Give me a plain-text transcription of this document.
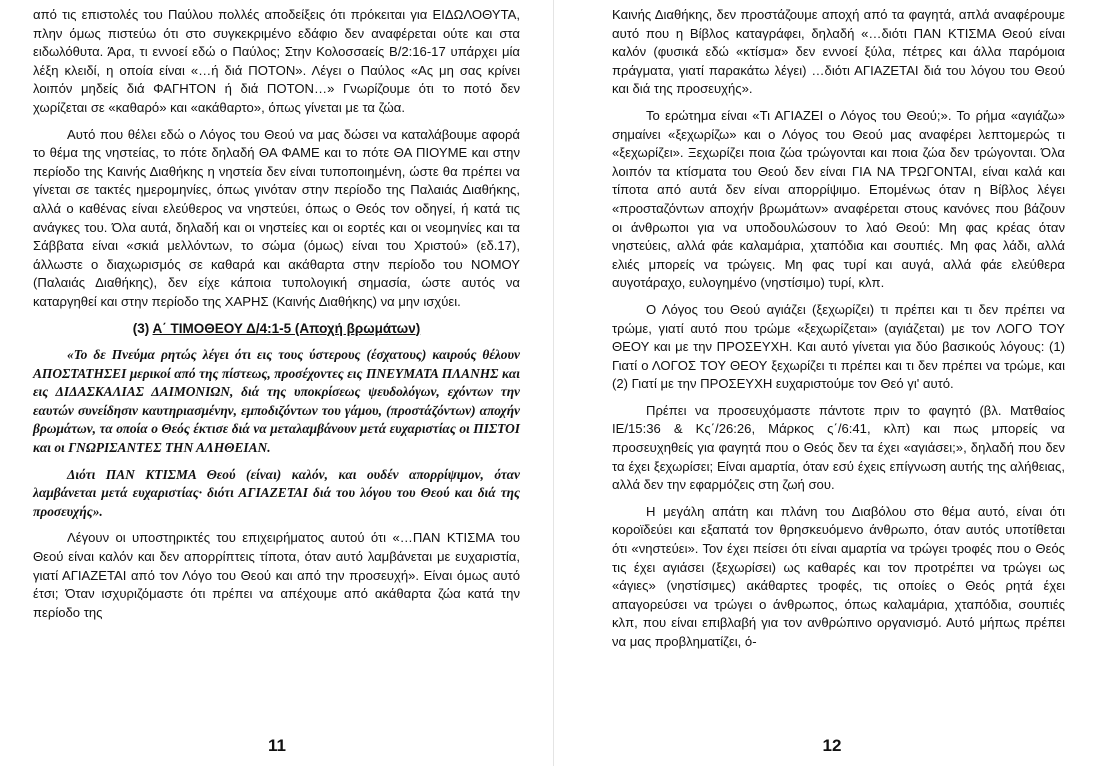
από τις επιστολές του Παύλου πολλές αποδείξεις ότι πρόκειται για ΕΙΔΩΛΟΘΥΤΑ, πλην όμως πιστεύω ότι στο συγκεκριμένο εδάφιο δεν αναφέρεται ούτε και στα ειδωλόθυτα. Άρα, τι εννοεί εδώ ο Παύλος; Στην Κολοσσαείς Β/2:16-17 υπάρχει μία λέξη κλειδί, η οποία είναι «…ή διά ΠΟΤΟΝ». Λέγει ο Παύλος «Ας μη σας κρίνει λοιπόν μηδείς διά ΦΑΓΗΤΟΝ ή διά ΠΟΤΟΝ…» Γνωρίζουμε ότι το ποτό δεν χωρίζεται σε «καθαρό» και «ακάθαρτο», όπως γίνεται με τα ζώα.

Αυτό που θέλει εδώ ο Λόγος του Θεού να μας δώσει να καταλάβουμε αφορά το θέμα της νηστείας, το πότε δηλαδή ΘΑ ΦΑΜΕ και το πότε ΘΑ ΠΙΟΥΜΕ και στην περίοδο της Καινής Διαθήκης η νηστεία δεν είναι τυποποιημένη, ώστε θα πρέπει να γίνεται σε τακτές ημερομηνίες, όπως γινόταν στην περίοδο της Παλαιάς Διαθήκης, αλλά ο καθένας είναι ελεύθερος να νηστεύει, όπως ο Θεός τον οδηγεί, ή κατά τις ανάγκες του. Όλα αυτά, δηλαδή και οι νηστείες και οι εορτές και οι νεομηνίες και τα Σάββατα είναι «σκιά μελλόντων, το σώμα (όμως) είναι του Χριστού» (εδ.17), άλλωστε ο διαχωρισμός σε καθαρά και ακάθαρτα στην περίοδο του ΝΟΜΟΥ (Παλαιάς Διαθήκης), δεν είχε κάποια τυπολογική σημασία, ώστε αυτός να καταργηθεί και στην περίοδο της ΧΑΡΗΣ (Καινής Διαθήκης) να μην ισχύει.

(3) Α΄ ΤΙΜΟΘΕΟΥ Δ/4:1-5 (Αποχή βρωμάτων)

«Το δε Πνεύμα ρητώς λέγει ότι εις τους ύστερους (έσχατους) καιρούς θέλουν ΑΠΟΣΤΑΤΗΣΕΙ μερικοί από της πίστεως, προσέχοντες εις ΠΝΕΥΜΑΤΑ ΠΛΑΝΗΣ και εις ΔΙΔΑΣΚΑΛΙΑΣ ΔΑΙΜΟΝΙΩΝ, διά της υποκρίσεως ψευδολόγων, εχόντων την εαυτών συνείδησιν καυτηριασμένην, εμποδιζόντων του γάμου, (προστάζόντων) αποχήν βρωμάτων, τα οποία ο Θεός έκτισε διά να μεταλαμβάνουν μετά ευχαριστίας οι ΠΙΣΤΟΙ και οι ΓΝΩΡΙΣΑΝΤΕΣ ΤΗΝ ΑΛΗΘΕΙΑΝ.

Διότι ΠΑΝ ΚΤΙΣΜΑ Θεού (είναι) καλόν, και ουδέν απορρίψιμον, όταν λαμβάνεται μετά ευχαριστίας· διότι ΑΓΙΑΖΕΤΑΙ διά του λόγου του Θεού και διά της προσευχής».

Λέγουν οι υποστηρικτές του επιχειρήματος αυτού ότι «…ΠΑΝ ΚΤΙΣΜΑ του Θεού είναι καλόν και δεν απορρίπτεις τίποτα, όταν αυτό λαμβάνεται με ευχαριστία, γιατί ΑΓΙΑΖΕΤΑΙ από τον Λόγο του Θεού και από την προσευχή». Είναι όμως αυτό έτσι; Όταν ισχυριζόμαστε ότι πρέπει να απέχουμε από ακάθαρτα ζώα κατά την περίοδο της

11

Καινής Διαθήκης, δεν προστάζουμε αποχή από τα φαγητά, απλά αναφέρουμε αυτό που η Βίβλος καταγράφει, δηλαδή «…διότι ΠΑΝ ΚΤΙΣΜΑ Θεού είναι καλόν (φυσικά εδώ «κτίσμα» δεν εννοεί ξύλα, πέτρες και άλλα παρόμοια πράγματα, γιατί παρακάτω λέγει) …διότι ΑΓΙΑΖΕΤΑΙ διά του λόγου του Θεού και διά της προσευχής».

Το ερώτημα είναι «Τι ΑΓΙΑΖΕΙ ο Λόγος του Θεού;». Το ρήμα «αγιάζω» σημαίνει «ξεχωρίζω» και ο Λόγος του Θεού μας αναφέρει λεπτομερώς τι «ξεχωρίζει». Ξεχωρίζει ποια ζώα τρώγονται και ποια ζώα δεν τρώγονται. Όλα λοιπόν τα κτίσματα του Θεού δεν είναι ΓΙΑ ΝΑ ΤΡΩΓΟΝΤΑΙ, είναι καλά και τίποτα από αυτά δεν είναι απορρίψιμο. Επομένως όταν η Βίβλος λέγει «προσταζόντων αποχήν βρωμάτων» αναφέρεται στους κανόνες που βάζουν οι άνθρωποι για να υποδουλώσουν το λαό Θεού: Μη φας κρέας όταν νηστεύεις, αλλά φάε καλαμάρια, χταπόδια και σουπιές. Μη φας λάδι, αλλά ελιές μπορείς να τρώγεις. Μη φας τυρί και αυγά, αλλά φάε ελεύθερα αυγοτάραχο, ευλογημένο (νηστίσιμο) τυρί, κλπ.

Ο Λόγος του Θεού αγιάζει (ξεχωρίζει) τι πρέπει και τι δεν πρέπει να τρώμε, γιατί αυτό που τρώμε «ξεχωρίζεται» (αγιάζεται) με τον ΛΟΓΟ ΤΟΥ ΘΕΟΥ και με την ΠΡΟΣΕΥΧΗ. Και αυτό γίνεται για δύο βασικούς λόγους: (1) Γιατί ο ΛΟΓΟΣ ΤΟΥ ΘΕΟΥ ξεχωρίζει τι πρέπει και τι δεν πρέπει να τρώμε, και (2) Γιατί με την ΠΡΟΣΕΥΧΗ ευχαριστούμε τον Θεό γι' αυτό.

Πρέπει να προσευχόμαστε πάντοτε πριν το φαγητό (βλ. Ματθαίος ΙΕ/15:36 & Κς΄/26:26, Μάρκος ς΄/6:41, κλπ) και πως μπορείς να προσευχηθείς για φαγητά που ο Θεός δεν τα έχει «αγιάσει;», δηλαδή που δεν τα έχει ξεχωρίσει; Είναι αμαρτία, όταν εσύ έχεις επίγνωση αυτής της αλήθειας, αλλά δεν την εφαρμόζεις στη ζωή σου.

Η μεγάλη απάτη και πλάνη του Διαβόλου στο θέμα αυτό, είναι ότι κοροϊδεύει και εξαπατά τον θρησκευόμενο άνθρωπο, όταν αυτός υποτίθεται ότι «νηστεύει». Τον έχει πείσει ότι είναι αμαρτία να τρώγει τροφές που ο Θεός τις έχει αγιάσει (ξεχωρίσει) ως καθαρές και τον προτρέπει να τρώγει ως «άγιες» (νηστίσιμες) ακάθαρτες τροφές, τις οποίες ο Θεός ρητά έχει απαγορεύσει να τρώγει ο άνθρωπος, όπως καλαμάρια, χταπόδια, σουπιές κλπ, που είναι επιβλαβή για τον ανθρώπινο οργανισμό. Αυτό μήπως πρέπει να μας προβληματίζει, ό-

12
